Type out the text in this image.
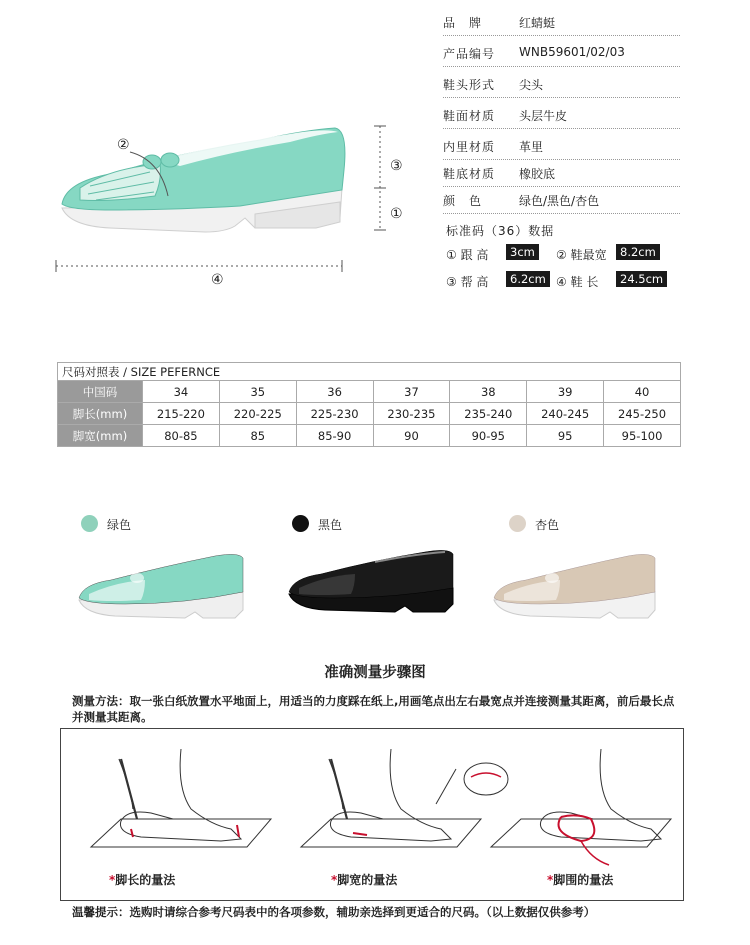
②
③
①
④
品　牌	红蜻蜓
产品编号	WNB59601/02/03
鞋头形式	尖头
鞋面材质	头层牛皮
内里材质	革里
鞋底材质	橡胶底
颜　色	绿色/黑色/杏色
标准码（36）数据
① 跟 高	3cm	② 鞋最宽	8.2cm
③ 帮 高	6.2cm ④ 鞋 长	24.5cm
尺码对照表 / SIZE PEFERNCE							
中国码	34	35	36	37	38	39	40
脚长(mm)	215-220	220-225	225-230	230-235	235-240	240-245	245-250
脚宽(mm)	80-85	85	85-90	90	90-95	95	95-100
绿色	黑色	杏色
准确测量步骤图
测量方法：取一张白纸放置水平地面上，用适当的力度踩在纸上,用画笔点出左右最宽点并连接测量其距离，前后最长点并测量其距离。
*脚长的量法	*脚宽的量法	*脚围的量法
温馨提示：选购时请综合参考尺码表中的各项参数，辅助亲选择到更适合的尺码。（以上数据仅供参考）
